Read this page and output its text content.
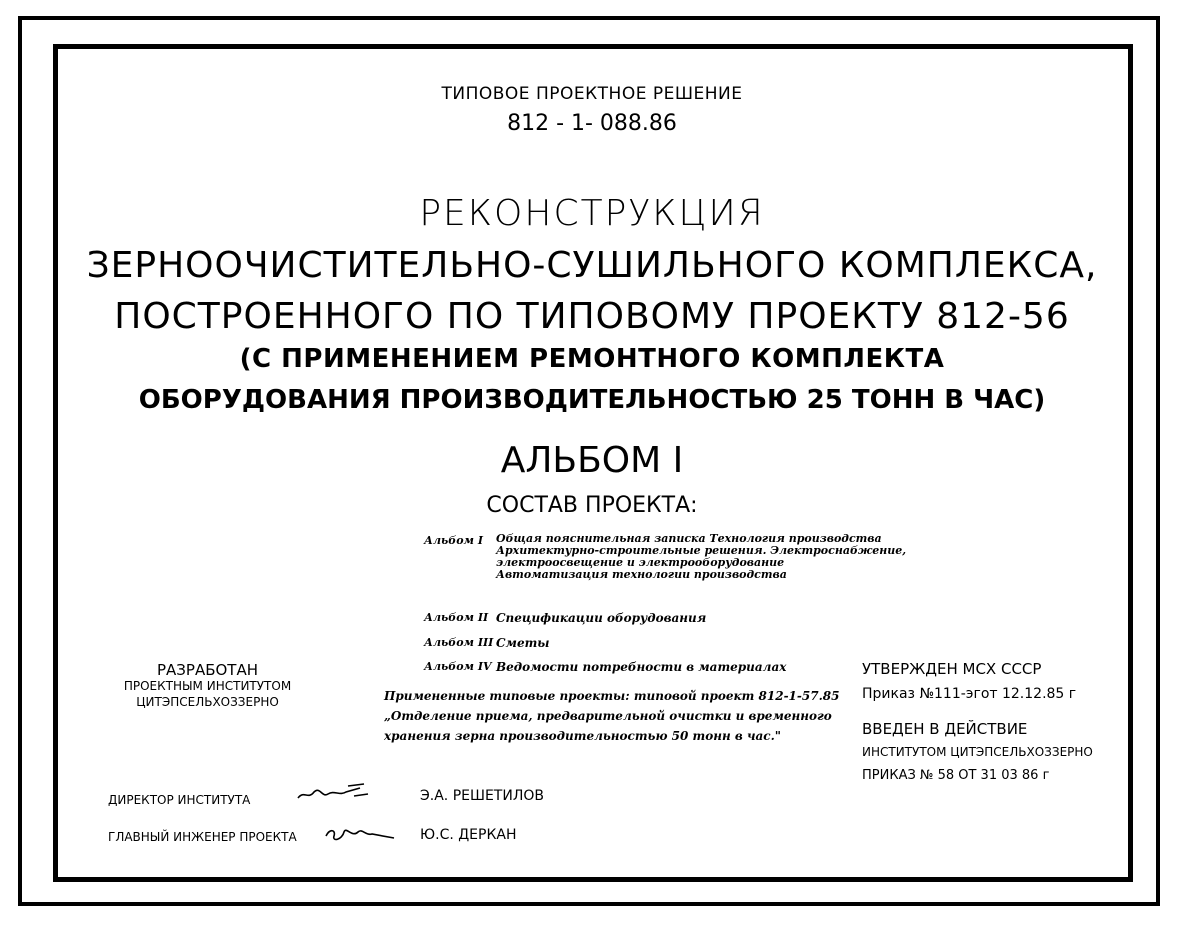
ТИПОВОЕ ПРОЕКТНОЕ РЕШЕНИЕ
812 - 1- 088.86
РЕКОНСТРУКЦИЯ
ЗЕРНООЧИСТИТЕЛЬНО-СУШИЛЬНОГО КОМПЛЕКСА,
ПОСТРОЕННОГО ПО ТИПОВОМУ ПРОЕКТУ 812-56
(С ПРИМЕНЕНИЕМ РЕМОНТНОГО КОМПЛЕКТА
ОБОРУДОВАНИЯ ПРОИЗВОДИТЕЛЬНОСТЬЮ 25 ТОНН В ЧАС)
АЛЬБОМ I
СОСТАВ ПРОЕКТА:
Альбом I Общая пояснительная записка Технология производства
Архитектурно-строительные решения. Электроснабжение,
электроосвещение и электрооборудование
Автоматизация технологии производства
Альбом II Спецификации оборудования
Альбом III Сметы
Альбом IV Ведомости потребности в материалах
Примененные типовые проекты: типовой проект 812-1-57.85
„Отделение приема, предварительной очистки и временного
хранения зерна производительностью 50 тонн в час."
РАЗРАБОТАН
ПРОЕКТНЫМ ИНСТИТУТОМ
ЦИТЭПСЕЛЬХОЗЗЕРНО
УТВЕРЖДЕН МСХ СССР
Приказ №111-эгот 12.12.85 г
ВВЕДЕН В ДЕЙСТВИЕ
ИНСТИТУТОМ ЦИТЭПСЕЛЬХОЗЗЕРНО
ПРИКАЗ № 58 ОТ 31 03 86 г
ДИРЕКТОР ИНСТИТУТА	Э.А. РЕШЕТИЛОВ
ГЛАВНЫЙ ИНЖЕНЕР ПРОЕКТА	Ю.С. ДЕРКАН
